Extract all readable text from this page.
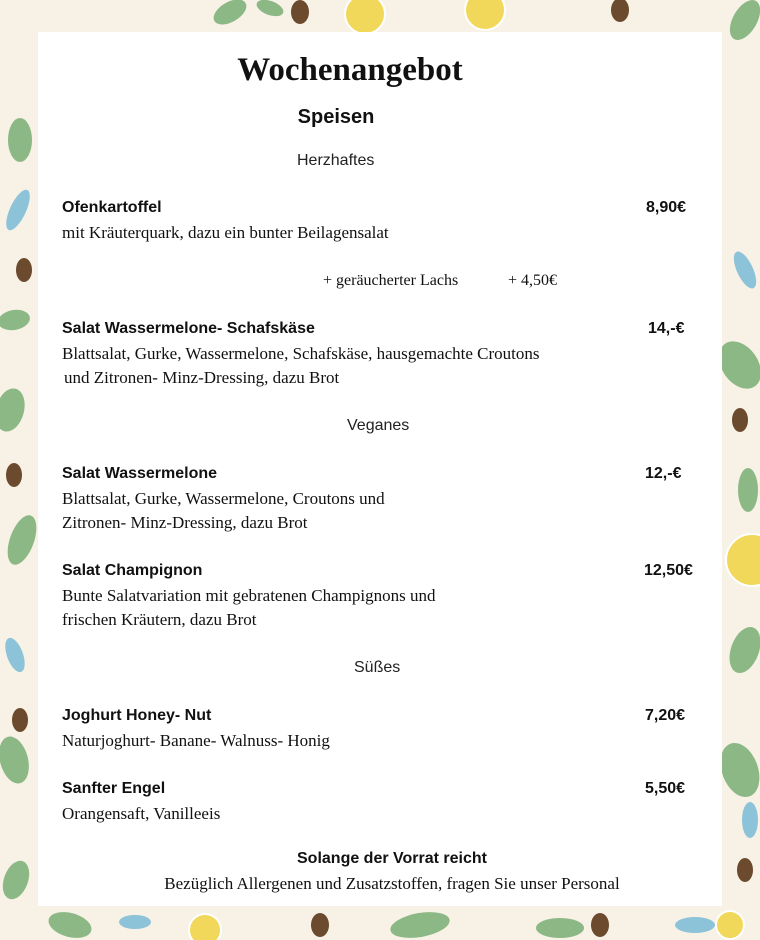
Wochenangebot
Speisen
Herzhaftes
Ofenkartoffel	8,90€
mit Kräuterquark, dazu ein bunter Beilagensalat
+ geräucherter Lachs	+ 4,50€
Salat Wassermelone- Schafskäse	14,-€
Blattsalat, Gurke, Wassermelone, Schafskäse, hausgemachte Croutons
und Zitronen- Minz-Dressing, dazu Brot
Veganes
Salat Wassermelone	12,-€
Blattsalat, Gurke, Wassermelone, Croutons und
Zitronen- Minz-Dressing, dazu Brot
Salat Champignon	12,50€
Bunte Salatvariation mit gebratenen Champignons und
frischen Kräutern, dazu Brot
Süßes
Joghurt Honey- Nut	7,20€
Naturjoghurt- Banane- Walnuss- Honig
Sanfter Engel	5,50€
Orangensaft, Vanilleeis
Solange der Vorrat reicht
Bezüglich Allergenen und Zusatzstoffen, fragen Sie unser Personal
